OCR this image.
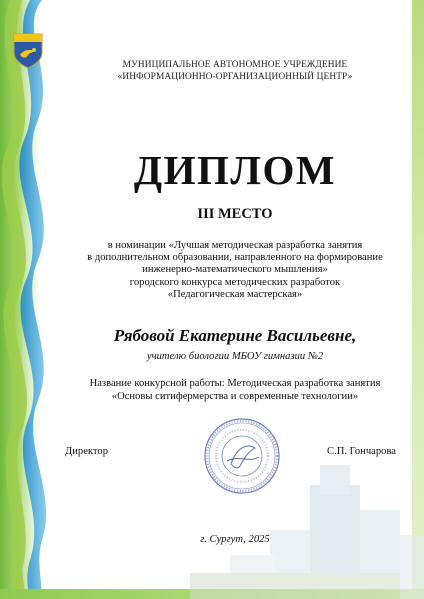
МУНИЦИПАЛЬНОЕ АВТОНОМНОЕ УЧРЕЖДЕНИЕ
«ИНФОРМАЦИОННО-ОРГАНИЗАЦИОННЫЙ ЦЕНТР»
ДИПЛОМ
III МЕСТО
в номинации «Лучшая методическая разработка занятия
в дополнительном образовании, направленного на формирование
инженерно-математического мышления»
городского конкурса методических разработок
«Педагогическая мастерская»
Рябовой Екатерине Васильевне,
учителю биологии МБОУ гимназии №2
Название конкурсной работы: Методическая разработка занятия
«Основы ситифермерства и современные технологии»
Директор	С.П. Гончарова
г. Сургут, 2025
